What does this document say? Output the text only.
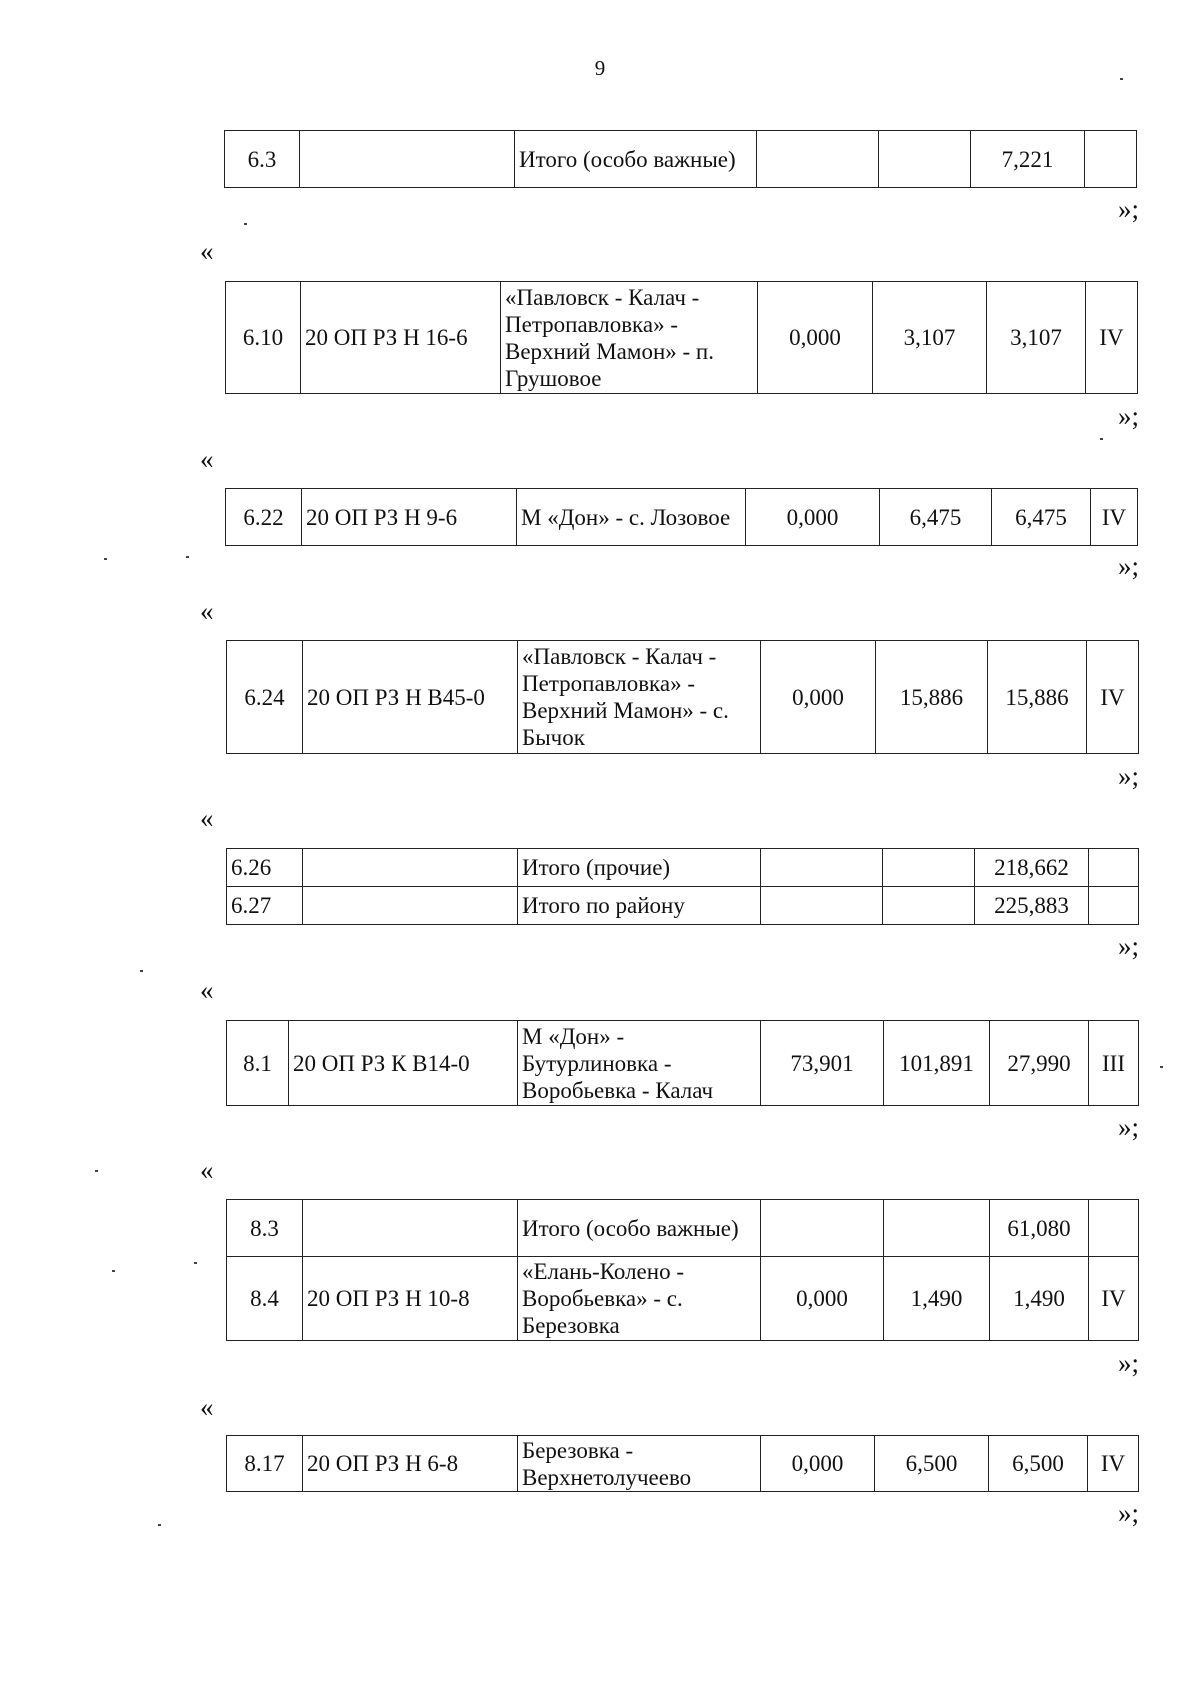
9
6.3		Итого (особо важные)			7,221	
»;
«
6.10	20 ОП РЗ Н 16-6	«Павловск - Калач - Петропавловка» - Верхний Мамон» - п. Грушовое	0,000	3,107	3,107	IV
»;
«
6.22	20 ОП РЗ Н 9-6	М «Дон» - с. Лозовое	0,000	6,475	6,475	IV
»;
«
6.24	20 ОП РЗ Н В45-0	«Павловск - Калач - Петропавловка» - Верхний Мамон» - с. Бычок	0,000	15,886	15,886	IV
»;
«
6.26		Итого (прочие)			218,662	
6.27		Итого по району			225,883	
»;
«
8.1	20 ОП РЗ К В14-0	М «Дон» - Бутурлиновка - Воробьевка - Калач	73,901	101,891	27,990	III
»;
«
8.3		Итого (особо важные)			61,080	
8.4	20 ОП РЗ Н 10-8	«Елань-Колено - Воробьевка» - с. Березовка	0,000	1,490	1,490	IV
»;
«
8.17	20 ОП РЗ Н 6-8	Березовка - Верхнетолучеево	0,000	6,500	6,500	IV
»;
